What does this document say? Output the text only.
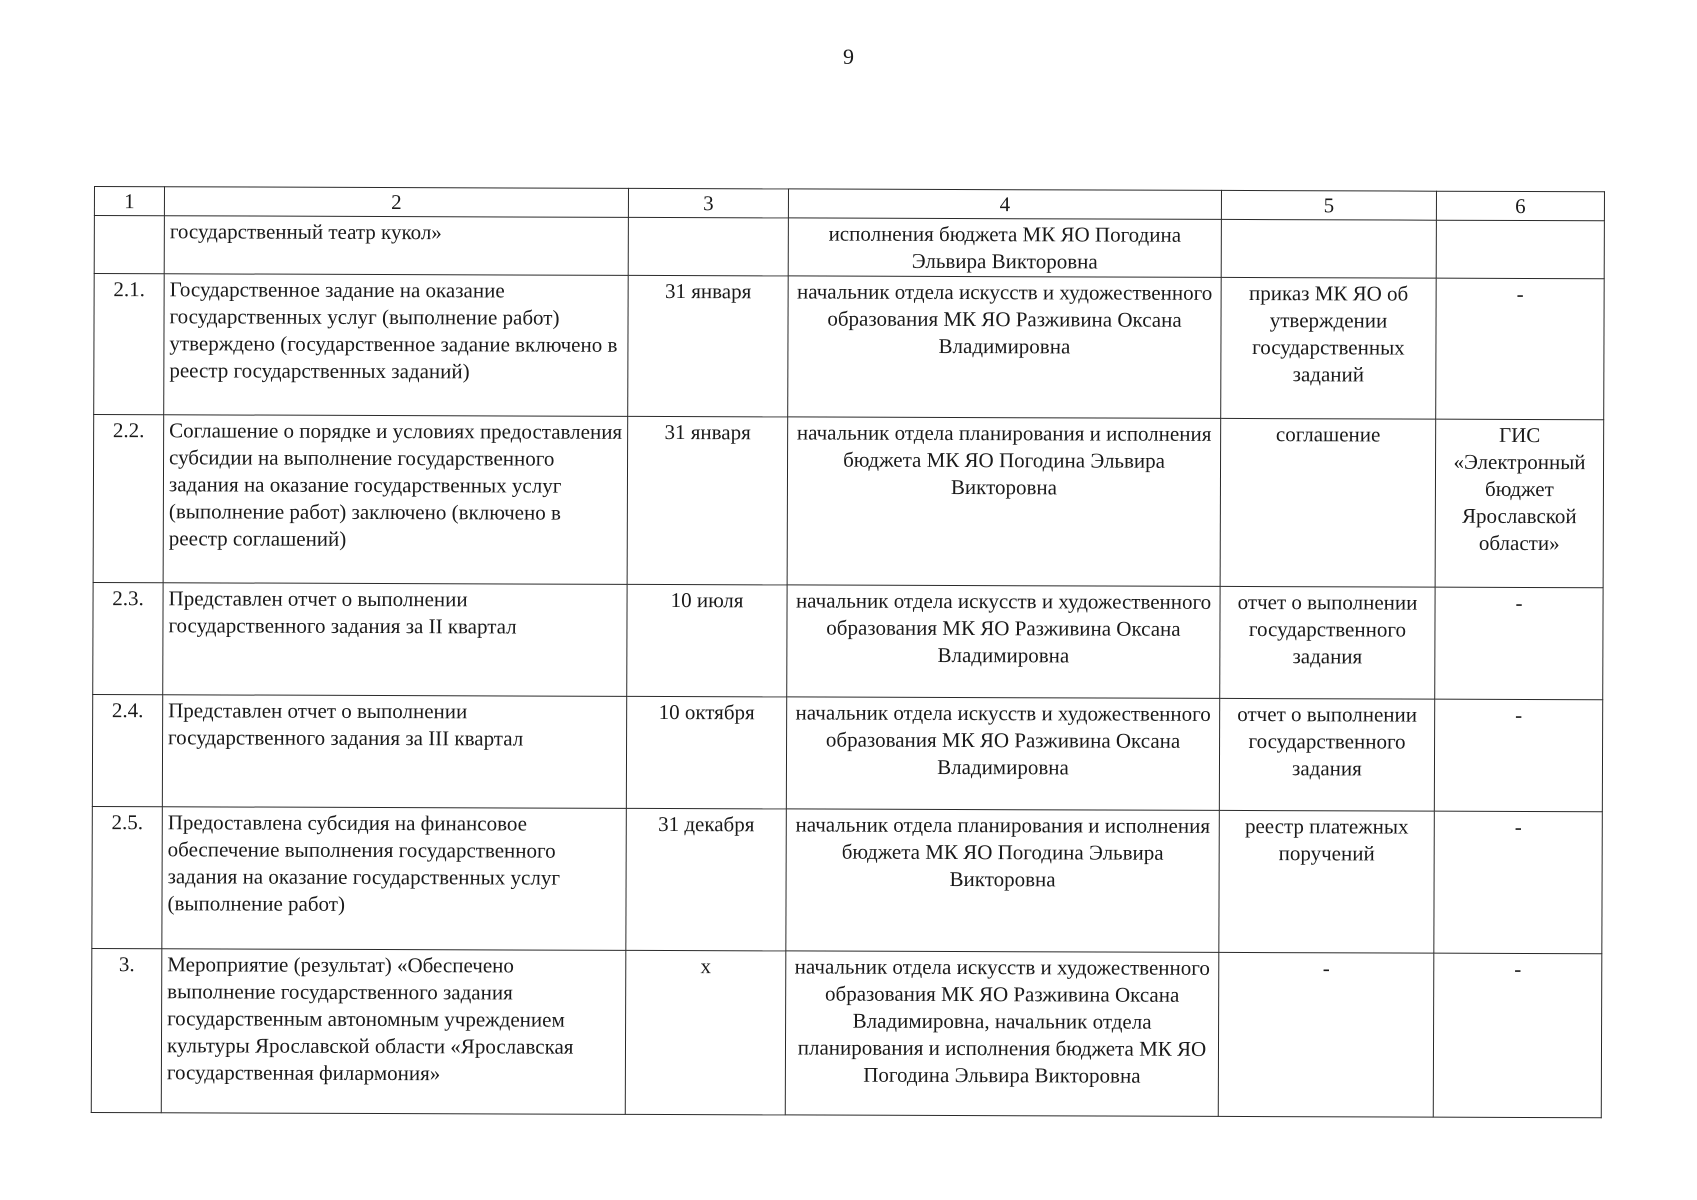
9
1	2	3	4	5	6
	государственный театр кукол»		исполнения бюджета МК ЯО Погодина Эльвира Викторовна		
2.1.	Государственное задание на оказание государственных услуг (выполнение работ) утверждено (государственное задание включено в реестр государственных заданий)	31 января	начальник отдела искусств и художественного образования МК ЯО Разживина Оксана Владимировна	приказ МК ЯО об утверждении государственных заданий	-
2.2.	Соглашение о порядке и условиях предоставления субсидии на выполнение государственного задания на оказание государственных услуг (выполнение работ) заключено (включено в реестр соглашений)	31 января	начальник отдела планирования и исполнения бюджета МК ЯО Погодина Эльвира Викторовна	соглашение	ГИС «Электронный бюджет Ярославской области»
2.3.	Представлен отчет о выполнении государственного задания за II квартал	10 июля	начальник отдела искусств и художественного образования МК ЯО Разживина Оксана Владимировна	отчет о выполнении государственного задания	-
2.4.	Представлен отчет о выполнении государственного задания за III квартал	10 октября	начальник отдела искусств и художественного образования МК ЯО Разживина Оксана Владимировна	отчет о выполнении государственного задания	-
2.5.	Предоставлена субсидия на финансовое обеспечение выполнения государственного задания на оказание государственных услуг (выполнение работ)	31 декабря	начальник отдела планирования и исполнения бюджета МК ЯО Погодина Эльвира Викторовна	реестр платежных поручений	-
3.	Мероприятие (результат) «Обеспечено выполнение государственного задания государственным автономным учреждением культуры Ярославской области «Ярославская государственная филармония»	х	начальник отдела искусств и художественного образования МК ЯО Разживина Оксана Владимировна, начальник отдела планирования и исполнения бюджета МК ЯО Погодина Эльвира Викторовна	-	-
